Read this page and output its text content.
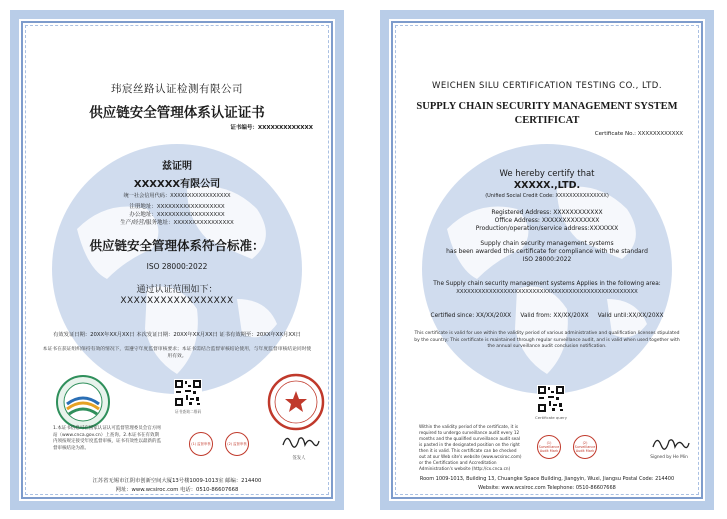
玮宸丝路认证检测有限公司
供应链安全管理体系认证证书
证书编号：XXXXXXXXXXXXX
兹证明
XXXXXX有限公司
统一社会信用代码：XXXXXXXXXXXXXXXXX
注册地址：XXXXXXXXXXXXXXXXXX
办公地址：XXXXXXXXXXXXXXXXXX
生产/经营/服务地址：XXXXXXXXXXXXXXXX
供应链安全管理体系符合标准：
ISO 28000:2022
通过认证范围如下：
XXXXXXXXXXXXXXXXX
有效发证日期：20XX年XX月XX日 本次发证日期：20XX年XX月XX日 证书有效期至：20XX年XX月XX日
本证书在获证组织保持有效的情况下，需遵守年度监督审核要求；本证书需结合监督审核结论使用，与年度监督审核结论同时使用有效。
证书查询二维码
1.本证书信息可在国家认证认可监督管理委员会官方网站（www.cnca.gov.cn）上查询。2.本证书在有效期内须按规定接受年度监督审核，证书有效性以最新的监督审核结论为准。
(1) 监督审核	(2) 监督审核
签发人
江苏省无锡市江阴市创新空间大厦13号楼1009-1013室 邮编：214400
网址：www.wcsiroc.com 电话：0510-86607668
WEICHEN SILU CERTIFICATION TESTING CO., LTD.
SUPPLY CHAIN SECURITY MANAGEMENT SYSTEM
CERTIFICAT
Certificate No.: XXXXXXXXXXXX
We hereby certify that
XXXXX.,LTD.
(Unified Social Credit Code: XXXXXXXXXXXXXXX)
Registered Address: XXXXXXXXXXXX
Office Address: XXXXXXXXXXXXXX
Production/operation/service address:XXXXXXX
Supply chain security management systems
has been awarded this certificate for compliance with the standard
ISO 28000:2022
The Supply chain security management systems Applies in the following area:
XXXXXXXXXXXXXXXXXXXXXXXXXXXXXXXXXXXXXXXXXXXXXXXXXX
Certified since: XX/XX/20XX Valid from: XX/XX/20XX Valid until:XX/XX/20XX
This certificate is valid for use within the validity period of various administrative and qualification licenses stipulated by the country; This certificate is maintained through regular surveillance audit, and is valid when used together with the annual surveillance audit conclusion notification.
Certificate query
Within the validity period of the certificate, it is required to undergo surveillance audit every 12 months and the qualified surveillance audit seal is pasted in the designated position on the right then it is valid. This certificate can be checked out at our Web site's website (www.wcsiroc.com) or the Certification and Accreditation Administration's website (http://cx.cnca.cn)
(1) Surveillance Audit Mark
(2) Surveillance Audit Mark
Signed by He Min
Room 1009-1013, Building 13, Chuangke Space Building, Jiangyin, Wuxi, Jiangsu Postal Code: 214400
Website: www.wcsiroc.com Telephone: 0510-86607668
